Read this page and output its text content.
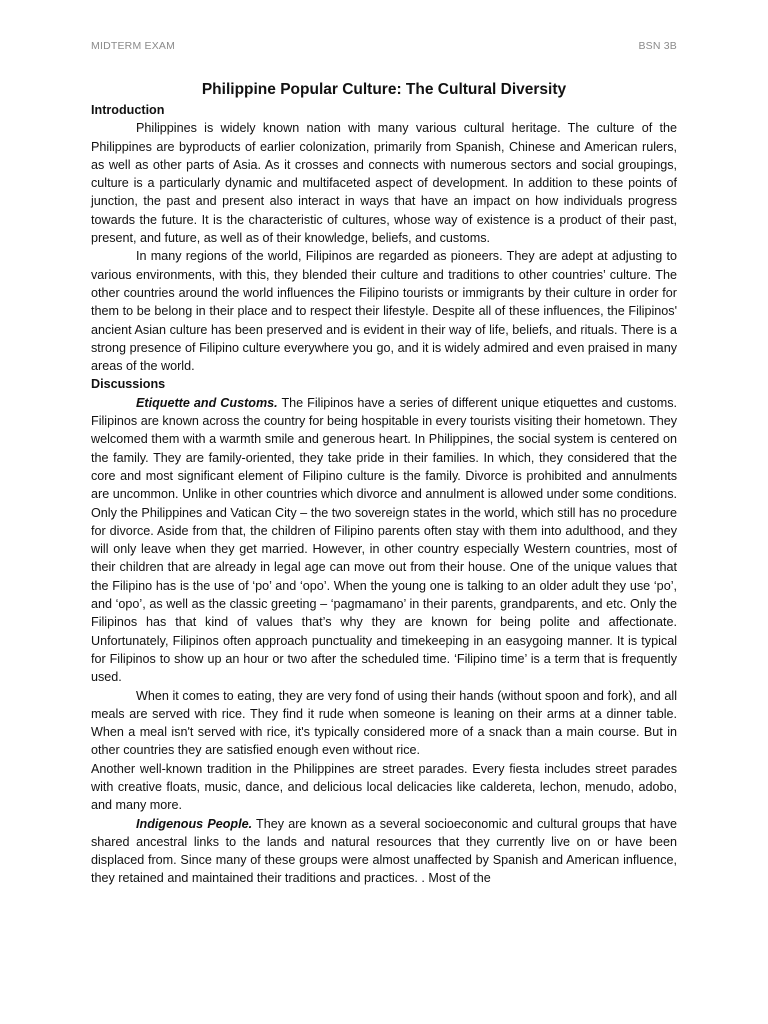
MIDTERM EXAM	BSN 3B
Philippine Popular Culture: The Cultural Diversity

Introduction

Philippines is widely known nation with many various cultural heritage. The culture of the Philippines are byproducts of earlier colonization, primarily from Spanish, Chinese and American rulers, as well as other parts of Asia. As it crosses and connects with numerous sectors and social groupings, culture is a particularly dynamic and multifaceted aspect of development. In addition to these points of junction, the past and present also interact in ways that have an impact on how individuals progress towards the future. It is the characteristic of cultures, whose way of existence is a product of their past, present, and future, as well as of their knowledge, beliefs, and customs.

In many regions of the world, Filipinos are regarded as pioneers. They are adept at adjusting to various environments, with this, they blended their culture and traditions to other countries’ culture. The other countries around the world influences the Filipino tourists or immigrants by their culture in order for them to be belong in their place and to respect their lifestyle. Despite all of these influences, the Filipinos' ancient Asian culture has been preserved and is evident in their way of life, beliefs, and rituals. There is a strong presence of Filipino culture everywhere you go, and it is widely admired and even praised in many areas of the world.

Discussions

Etiquette and Customs. The Filipinos have a series of different unique etiquettes and customs. Filipinos are known across the country for being hospitable in every tourists visiting their hometown. They welcomed them with a warmth smile and generous heart. In Philippines, the social system is centered on the family. They are family-oriented, they take pride in their families. In which, they considered that the core and most significant element of Filipino culture is the family. Divorce is prohibited and annulments are uncommon. Unlike in other countries which divorce and annulment is allowed under some conditions. Only the Philippines and Vatican City – the two sovereign states in the world, which still has no procedure for divorce. Aside from that, the children of Filipino parents often stay with them into adulthood, and they will only leave when they get married. However, in other country especially Western countries, most of their children that are already in legal age can move out from their house. One of the unique values that the Filipino has is the use of ‘po’ and ‘opo’. When the young one is talking to an older adult they use ‘po’, and ‘opo’, as well as the classic greeting – ‘pagmamano’ in their parents, grandparents, and etc. Only the Filipinos has that kind of values that’s why they are known for being polite and affectionate. Unfortunately, Filipinos often approach punctuality and timekeeping in an easygoing manner. It is typical for Filipinos to show up an hour or two after the scheduled time. ‘Filipino time’ is a term that is frequently used.

When it comes to eating, they are very fond of using their hands (without spoon and fork), and all meals are served with rice. They find it rude when someone is leaning on their arms at a dinner table. When a meal isn't served with rice, it's typically considered more of a snack than a main course. But in other countries they are satisfied enough even without rice.

Another well-known tradition in the Philippines are street parades. Every fiesta includes street parades with creative floats, music, dance, and delicious local delicacies like caldereta, lechon, menudo, adobo, and many more.

Indigenous People. They are known as a several socioeconomic and cultural groups that have shared ancestral links to the lands and natural resources that they currently live on or have been displaced from. Since many of these groups were almost unaffected by Spanish and American influence, they retained and maintained their traditions and practices. . Most of the
